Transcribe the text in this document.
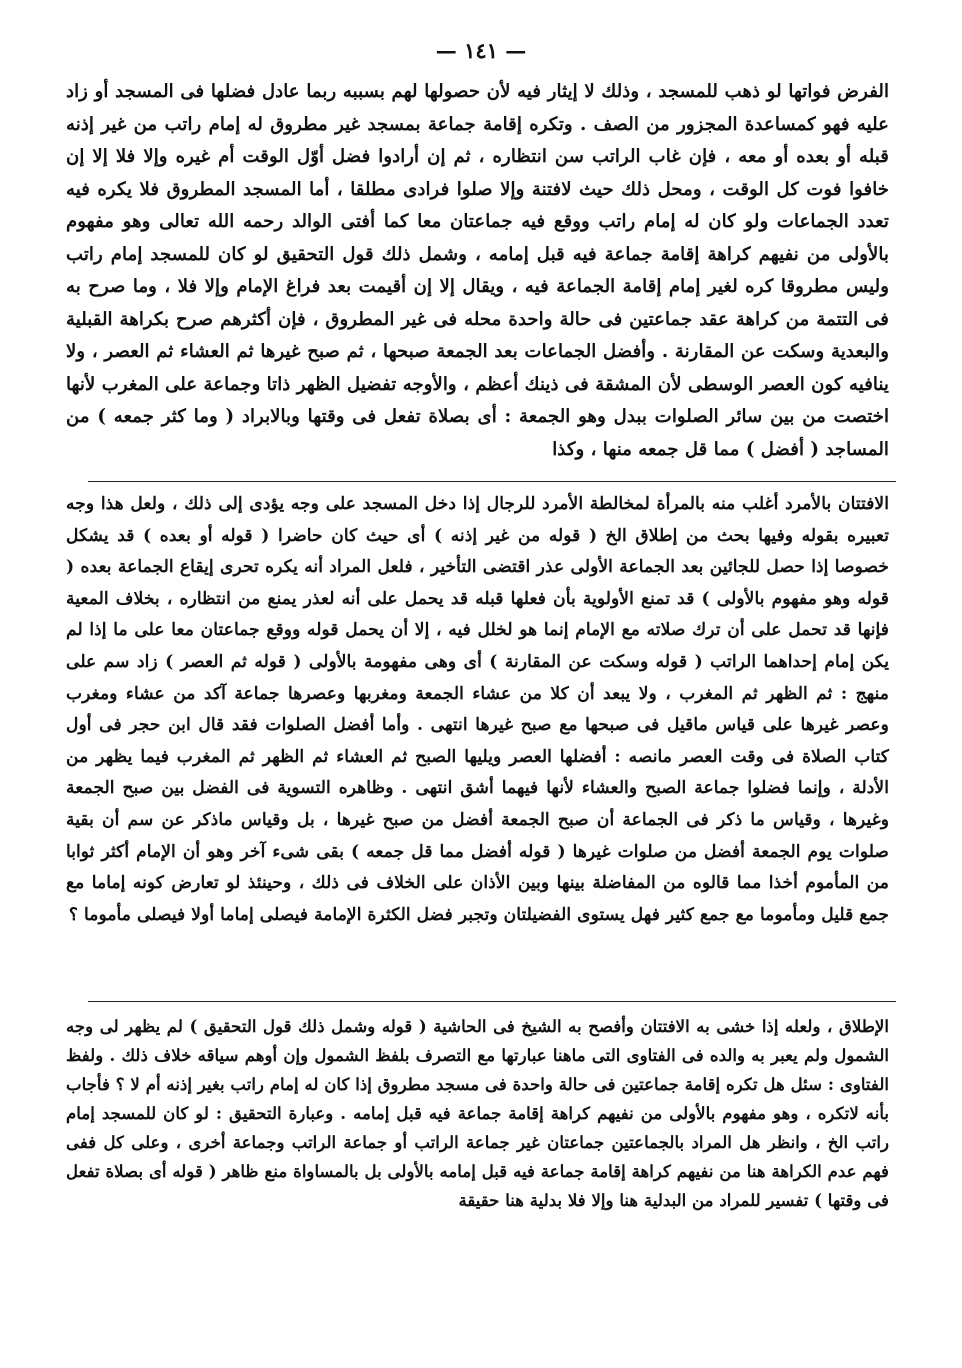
— ١٤١ —

الفرض فواتها لو ذهب للمسجد ، وذلك لا إيثار فيه لأن حصولها لهم بسببه ربما عادل فضلها فى المسجد أو زاد عليه فهو كمساعدة المجزور من الصف . وتكره إقامة جماعة بمسجد غير مطروق له إمام راتب من غير إذنه قبله أو بعده أو معه ، فإن غاب الراتب سن انتظاره ، ثم إن أرادوا فضل أوّل الوقت أم غيره وإلا فلا إلا إن خافوا فوت كل الوقت ، ومحل ذلك حيث لافتنة وإلا صلوا فرادى مطلقا ، أما المسجد المطروق فلا يكره فيه تعدد الجماعات ولو كان له إمام راتب ووقع فيه جماعتان معا كما أفتى الوالد رحمه الله تعالى وهو مفهوم بالأولى من نفيهم كراهة إقامة جماعة فيه قبل إمامه ، وشمل ذلك قول التحقيق لو كان للمسجد إمام راتب وليس مطروقا كره لغير إمام إقامة الجماعة فيه ، ويقال إلا إن أقيمت بعد فراغ الإمام وإلا فلا ، وما صرح به فى التتمة من كراهة عقد جماعتين فى حالة واحدة محله فى غير المطروق ، فإن أكثرهم صرح بكراهة القبلية والبعدية وسكت عن المقارنة . وأفضل الجماعات بعد الجمعة صبحها ، ثم صبح غيرها ثم العشاء ثم العصر ، ولا ينافيه كون العصر الوسطى لأن المشقة فى ذينك أعظم ، والأوجه تفضيل الظهر ذاتا وجماعة على المغرب لأنها اختصت من بين سائر الصلوات ببدل وهو الجمعة : أى بصلاة تفعل فى وقتها وبالابراد ( وما كثر جمعه ) من المساجد ( أفضل ) مما قل جمعه منها ، وكذا

الافتتان بالأمرد أغلب منه بالمرأة لمخالطة الأمرد للرجال إذا دخل المسجد على وجه يؤدى إلى ذلك ، ولعل هذا وجه تعبيره بقوله وفيها بحث من إطلاق الخ ( قوله من غير إذنه ) أى حيث كان حاضرا ( قوله أو بعده ) قد يشكل خصوصا إذا حصل للجائين بعد الجماعة الأولى عذر اقتضى التأخير ، فلعل المراد أنه يكره تحرى إيقاع الجماعة بعده ( قوله وهو مفهوم بالأولى ) قد تمنع الأولوية بأن فعلها قبله قد يحمل على أنه لعذر يمنع من انتظاره ، بخلاف المعية فإنها قد تحمل على أن ترك صلاته مع الإمام إنما هو لخلل فيه ، إلا أن يحمل قوله ووقع جماعتان معا على ما إذا لم يكن إمام إحداهما الراتب ( قوله وسكت عن المقارنة ) أى وهى مفهومة بالأولى ( قوله ثم العصر ) زاد سم على منهج : ثم الظهر ثم المغرب ، ولا يبعد أن كلا من عشاء الجمعة ومغربها وعصرها جماعة آكد من عشاء ومغرب وعصر غيرها على قياس ماقيل فى صبحها مع صبح غيرها انتهى . وأما أفضل الصلوات فقد قال ابن حجر فى أول كتاب الصلاة فى وقت العصر مانصه : أفضلها العصر ويليها الصبح ثم العشاء ثم الظهر ثم المغرب فيما يظهر من الأدلة ، وإنما فضلوا جماعة الصبح والعشاء لأنها فيهما أشق انتهى . وظاهره التسوية فى الفضل بين صبح الجمعة وغيرها ، وقياس ما ذكر فى الجماعة أن صبح الجمعة أفضل من صبح غيرها ، بل وقياس ماذكر عن سم أن بقية صلوات يوم الجمعة أفضل من صلوات غيرها ( قوله أفضل مما قل جمعه ) بقى شىء آخر وهو أن الإمام أكثر ثوابا من المأموم أخذا مما قالوه من المفاضلة بينها وبين الأذان على الخلاف فى ذلك ، وحينئذ لو تعارض كونه إماما مع جمع قليل ومأموما مع جمع كثير فهل يستوى الفضيلتان وتجبر فضل الكثرة الإمامة فيصلى إماما أولا فيصلى مأموما ؟

الإطلاق ، ولعله إذا خشى به الافتتان وأفصح به الشيخ فى الحاشية ( قوله وشمل ذلك قول التحقيق ) لم يظهر لى وجه الشمول ولم يعبر به والده فى الفتاوى التى ماهنا عبارتها مع التصرف بلفظ الشمول وإن أوهم سياقه خلاف ذلك . ولفظ الفتاوى : سئل هل تكره إقامة جماعتين فى حالة واحدة فى مسجد مطروق إذا كان له إمام راتب بغير إذنه أم لا ؟ فأجاب بأنه لاتكره ، وهو مفهوم بالأولى من نفيهم كراهة إقامة جماعة فيه قبل إمامه . وعبارة التحقيق : لو كان للمسجد إمام راتب الخ ، وانظر هل المراد بالجماعتين جماعتان غير جماعة الراتب أو جماعة الراتب وجماعة أخرى ، وعلى كل ففى فهم عدم الكراهة هنا من نفيهم كراهة إقامة جماعة فيه قبل إمامه بالأولى بل بالمساواة منع ظاهر ( قوله أى بصلاة تفعل فى وقتها ) تفسير للمراد من البدلية هنا وإلا فلا بدلية هنا حقيقة
